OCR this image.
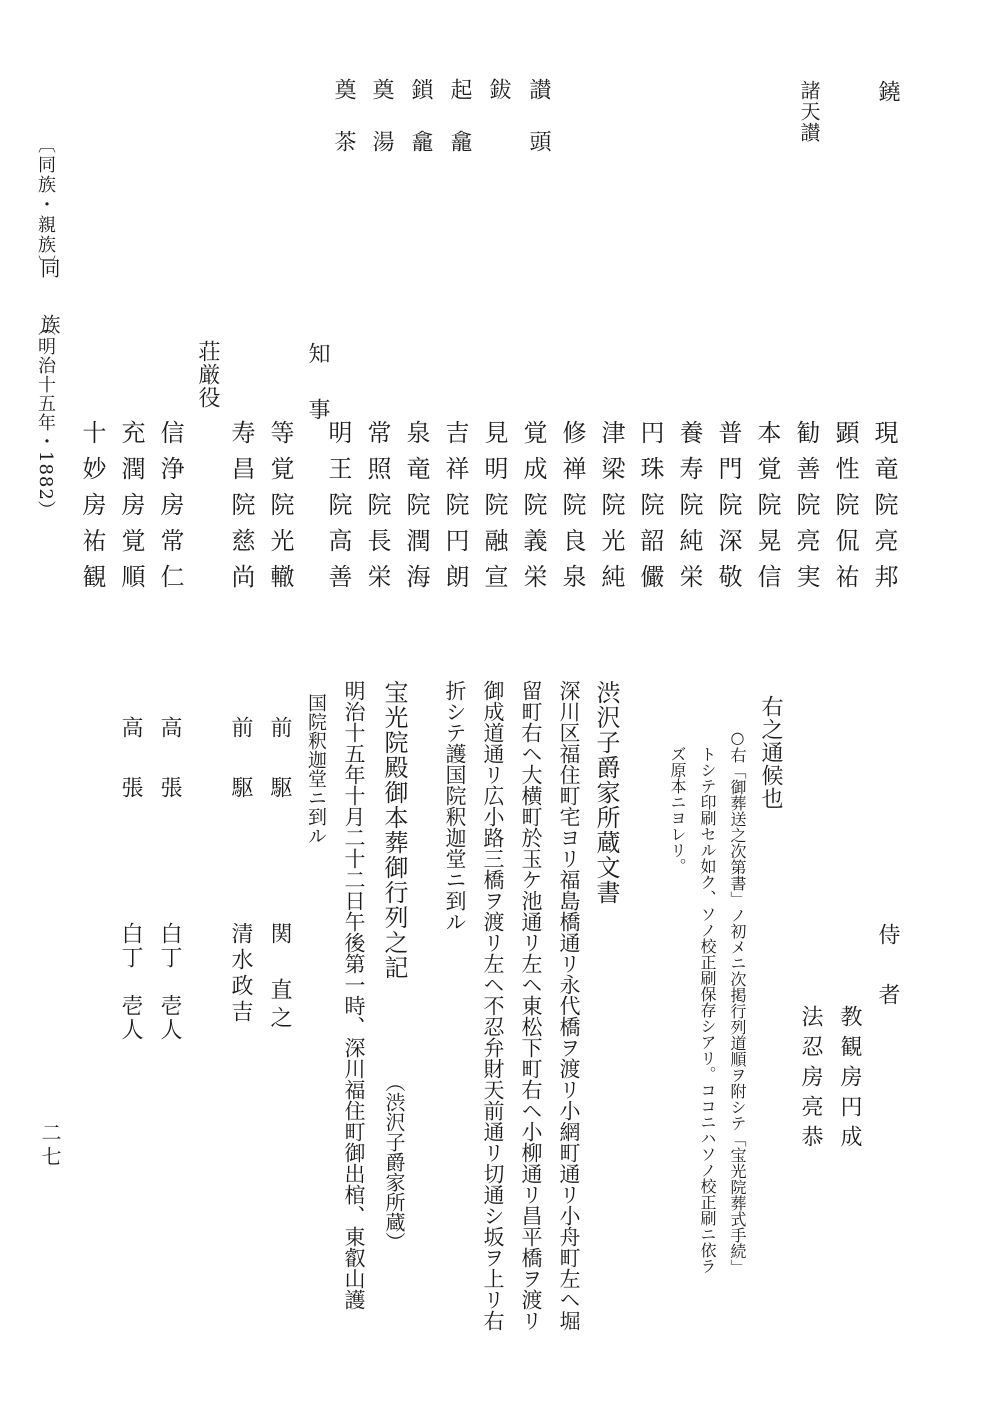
〔同族・親族〕
同　族
（明治十五年・1882）
二七
鐃
諸天讃
讃　頭
鈸
起　龕
鎖　龕
奠　湯
奠　茶
現竜院亮邦
顕性院侃祐
勧善院亮実
本覚院晃信
普門院深敬
養寿院純栄
円珠院韶儼
津梁院光純
修禅院良泉
覚成院義栄
見明院融宣
吉祥院円朗
泉竜院潤海
常照院長栄
明王院高善
知　事
等覚院光轍
寿昌院慈尚
荘厳役
信浄房常仁
充潤房覚順
十妙房祐観
侍　者
教観房円成
法忍房亮恭
右之通候也
○右「御葬送之次第書」ノ初メニ次掲行列道順ヲ附シテ「宝光院葬式手続」
トシテ印刷セル如ク、ソノ校正刷保存シアリ。ココニハソノ校正刷ニ依ラ
ズ原本ニヨレリ。
渋沢子爵家所蔵文書
深川区福住町宅ヨリ福島橋通リ永代橋ヲ渡リ小網町通リ小舟町左ヘ堀
留町右ヘ大横町於玉ケ池通リ左ヘ東松下町右ヘ小柳通リ昌平橋ヲ渡リ
御成道通リ広小路三橋ヲ渡リ左ヘ不忍弁財天前通リ切通シ坂ヲ上リ右
折シテ護国院釈迦堂ニ到ル
宝光院殿御本葬御行列之記
（渋沢子爵家所蔵）
明治十五年十月二十二日午後第一時、深川福住町御出棺、東叡山護
国院釈迦堂ニ到ル
前　駆
関　直之
前　駆
清水政吉
高　張
白丁　壱人
高　張
白丁　壱人
